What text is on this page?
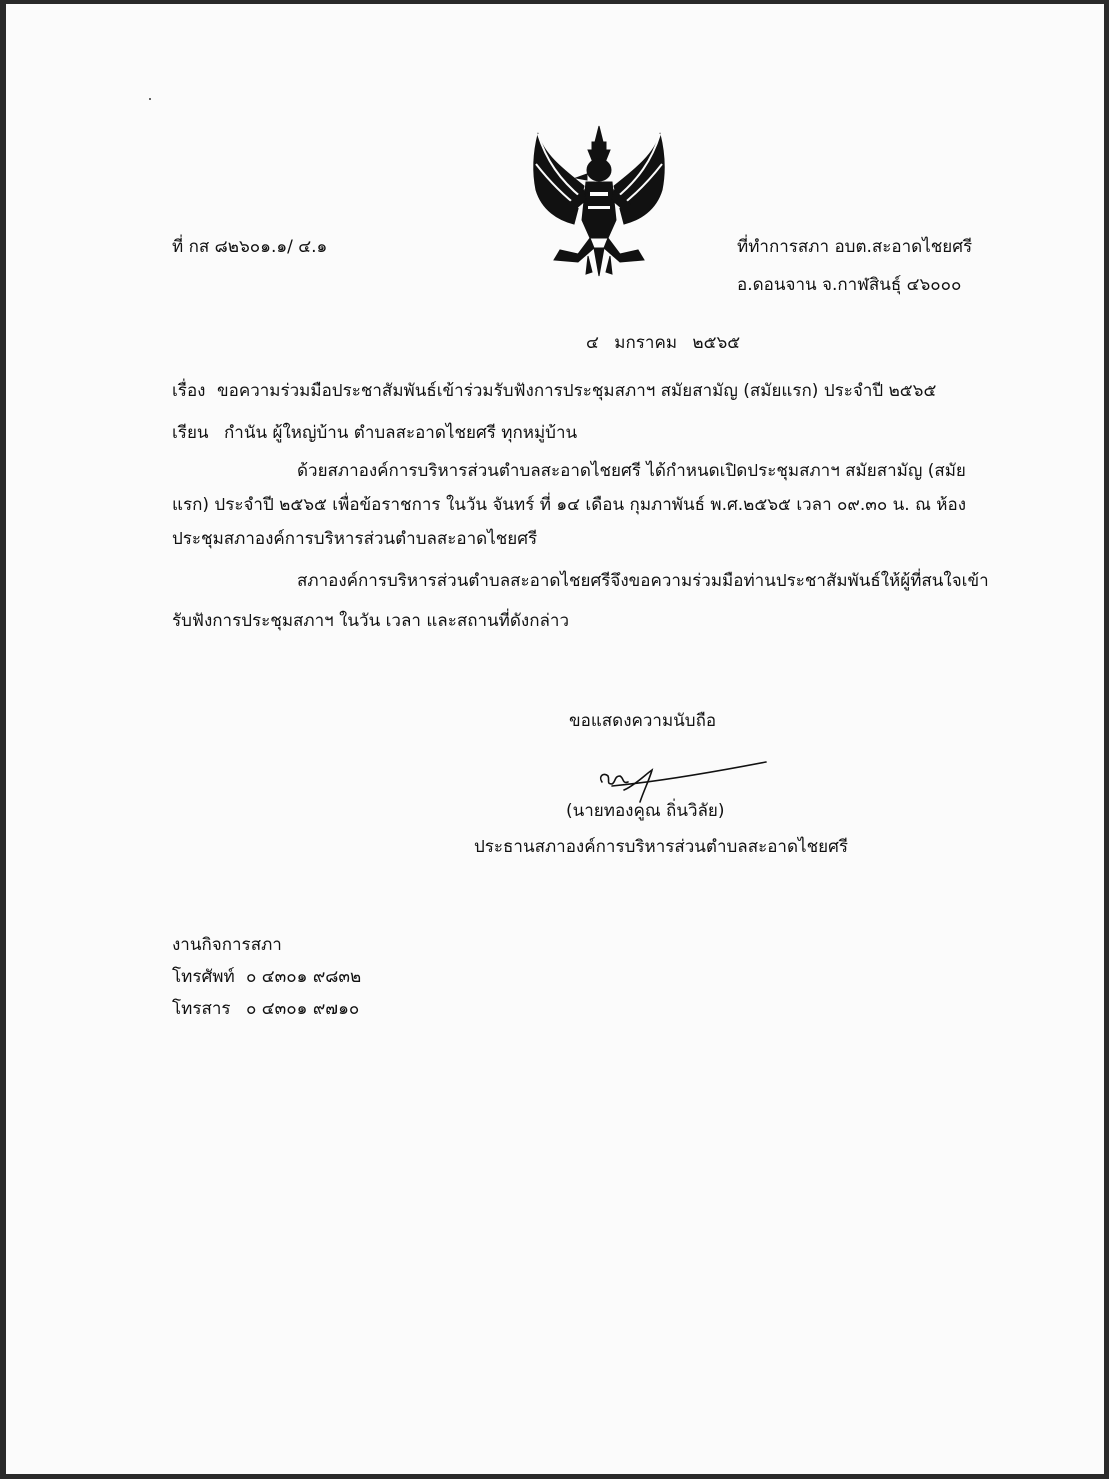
ที่ กส ๘๒๖๐๑.๑/ ๔.๑	ที่ทำการสภา อบต.สะอาดไชยศรี
อ.ดอนจาน จ.กาฬสินธุ์ ๔๖๐๐๐
๔ มกราคม ๒๕๖๕
เรื่อง ขอความร่วมมือประชาสัมพันธ์เข้าร่วมรับฟังการประชุมสภาฯ สมัยสามัญ (สมัยแรก) ประจำปี ๒๕๖๕
เรียน กำนัน ผู้ใหญ่บ้าน ตำบลสะอาดไชยศรี ทุกหมู่บ้าน
ด้วยสภาองค์การบริหารส่วนตำบลสะอาดไชยศรี ได้กำหนดเปิดประชุมสภาฯ สมัยสามัญ (สมัย
แรก) ประจำปี ๒๕๖๕ เพื่อข้อราชการ ในวัน จันทร์ ที่ ๑๔ เดือน กุมภาพันธ์ พ.ศ.๒๕๖๕ เวลา ๐๙.๓๐ น. ณ ห้อง
ประชุมสภาองค์การบริหารส่วนตำบลสะอาดไชยศรี
สภาองค์การบริหารส่วนตำบลสะอาดไชยศรีจึงขอความร่วมมือท่านประชาสัมพันธ์ให้ผู้ที่สนใจเข้า
รับฟังการประชุมสภาฯ ในวัน เวลา และสถานที่ดังกล่าว
ขอแสดงความนับถือ
(นายทองคูณ ถิ่นวิลัย)
ประธานสภาองค์การบริหารส่วนตำบลสะอาดไชยศรี
งานกิจการสภา
โทรศัพท์ ๐ ๔๓๐๑ ๙๘๓๒
โทรสาร ๐ ๔๓๐๑ ๙๗๑๐
